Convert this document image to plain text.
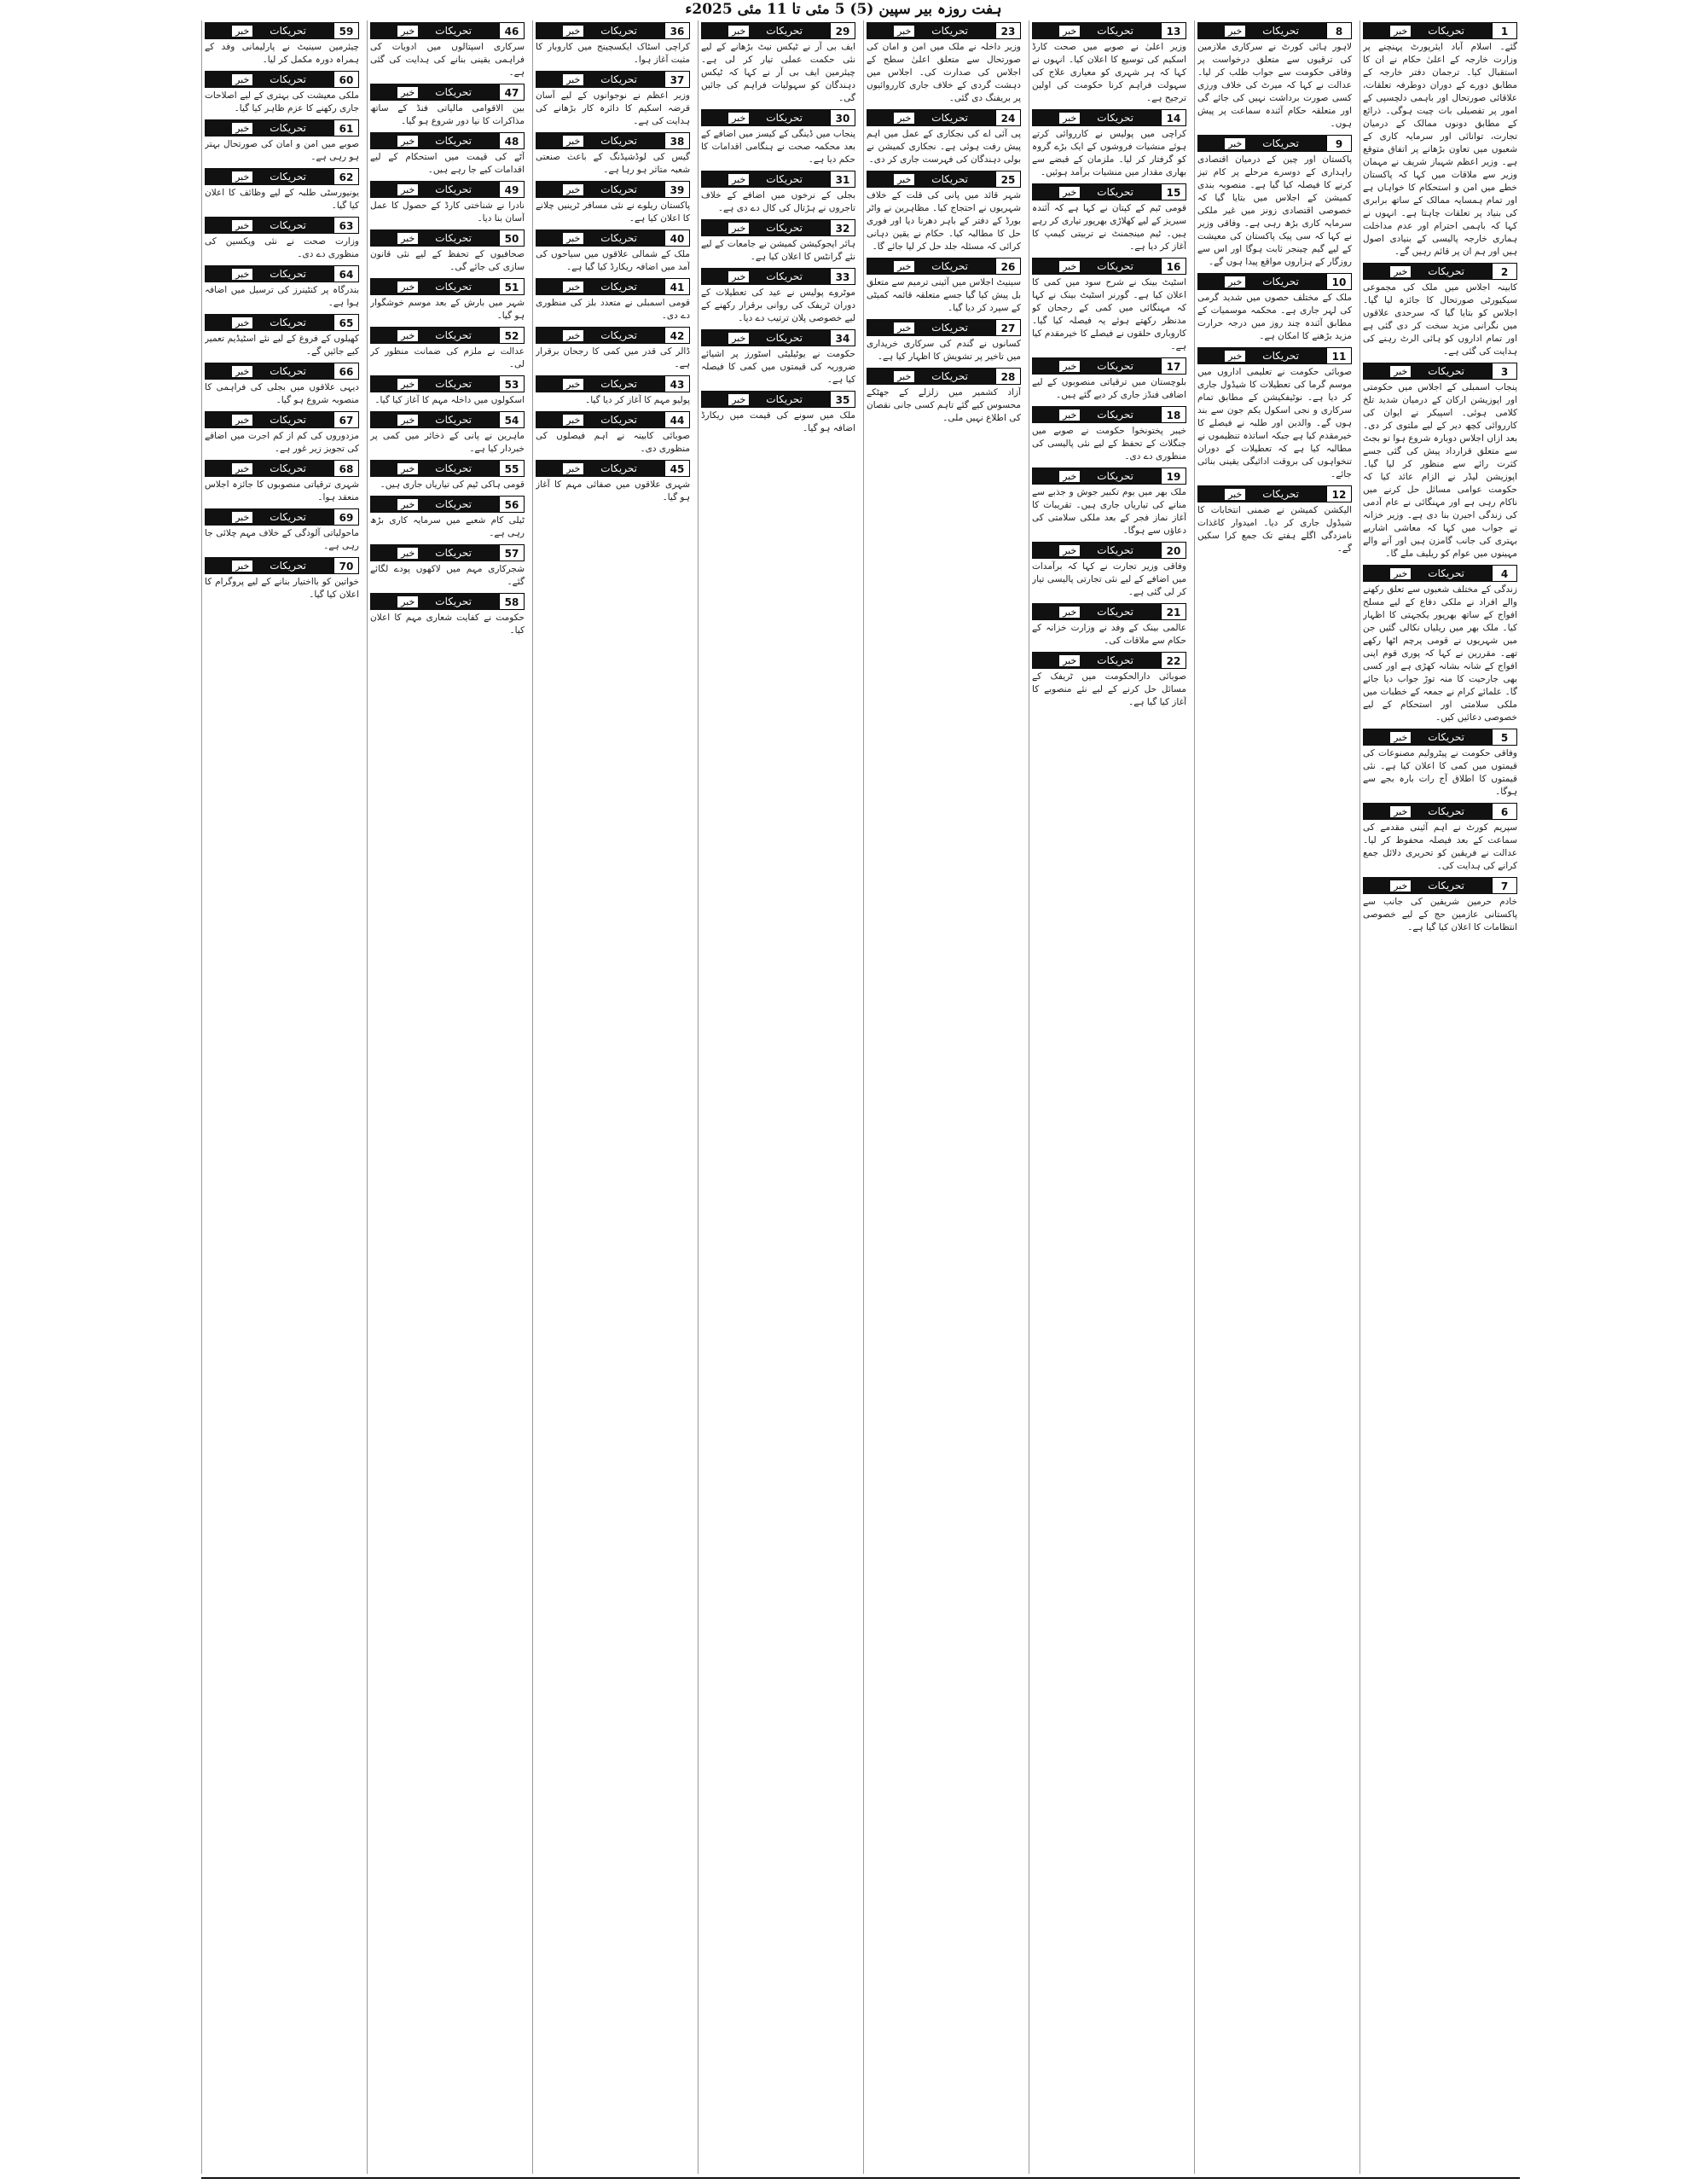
ہفت روزہ بیر سپین (5) 5 مئی تا 11 مئی 2025ء
تحریکات
خبر	1
گئے۔ اسلام آباد ایئرپورٹ پہنچنے پر وزارت خارجہ کے اعلیٰ حکام نے ان کا استقبال کیا۔ ترجمان دفتر خارجہ کے مطابق دورے کے دوران دوطرفہ تعلقات، علاقائی صورتحال اور باہمی دلچسپی کے امور پر تفصیلی بات چیت ہوگی۔ ذرائع کے مطابق دونوں ممالک کے درمیان تجارت، توانائی اور سرمایہ کاری کے شعبوں میں تعاون بڑھانے پر اتفاق متوقع ہے۔ وزیر اعظم شہباز شریف نے مہمان وزیر سے ملاقات میں کہا کہ پاکستان خطے میں امن و استحکام کا خواہاں ہے اور تمام ہمسایہ ممالک کے ساتھ برابری کی بنیاد پر تعلقات چاہتا ہے۔ انہوں نے کہا کہ باہمی احترام اور عدم مداخلت ہماری خارجہ پالیسی کے بنیادی اصول ہیں اور ہم ان پر قائم رہیں گے۔
تحریکات
خبر	2
کابینہ اجلاس میں ملک کی مجموعی سیکیورٹی صورتحال کا جائزہ لیا گیا۔ اجلاس کو بتایا گیا کہ سرحدی علاقوں میں نگرانی مزید سخت کر دی گئی ہے اور تمام اداروں کو ہائی الرٹ رہنے کی ہدایت کی گئی ہے۔
تحریکات
خبر	3
پنجاب اسمبلی کے اجلاس میں حکومتی اور اپوزیشن ارکان کے درمیان شدید تلخ کلامی ہوئی۔ اسپیکر نے ایوان کی کارروائی کچھ دیر کے لیے ملتوی کر دی۔ بعد ازاں اجلاس دوبارہ شروع ہوا تو بجٹ سے متعلق قرارداد پیش کی گئی جسے کثرت رائے سے منظور کر لیا گیا۔ اپوزیشن لیڈر نے الزام عائد کیا کہ حکومت عوامی مسائل حل کرنے میں ناکام رہی ہے اور مہنگائی نے عام آدمی کی زندگی اجیرن بنا دی ہے۔ وزیر خزانہ نے جواب میں کہا کہ معاشی اشاریے بہتری کی جانب گامزن ہیں اور آنے والے مہینوں میں عوام کو ریلیف ملے گا۔
تحریکات
خبر	4
زندگی کے مختلف شعبوں سے تعلق رکھنے والے افراد نے ملکی دفاع کے لیے مسلح افواج کے ساتھ بھرپور یکجہتی کا اظہار کیا۔ ملک بھر میں ریلیاں نکالی گئیں جن میں شہریوں نے قومی پرچم اٹھا رکھے تھے۔ مقررین نے کہا کہ پوری قوم اپنی افواج کے شانہ بشانہ کھڑی ہے اور کسی بھی جارحیت کا منہ توڑ جواب دیا جائے گا۔ علمائے کرام نے جمعہ کے خطبات میں ملکی سلامتی اور استحکام کے لیے خصوصی دعائیں کیں۔
تحریکات
خبر	5
وفاقی حکومت نے پیٹرولیم مصنوعات کی قیمتوں میں کمی کا اعلان کیا ہے۔ نئی قیمتوں کا اطلاق آج رات بارہ بجے سے ہوگا۔
تحریکات
خبر	6
سپریم کورٹ نے اہم آئینی مقدمے کی سماعت کے بعد فیصلہ محفوظ کر لیا۔ عدالت نے فریقین کو تحریری دلائل جمع کرانے کی ہدایت کی۔
تحریکات
خبر	7
خادم حرمین شریفین کی جانب سے پاکستانی عازمین حج کے لیے خصوصی انتظامات کا اعلان کیا گیا ہے۔
تحریکات
خبر	8
لاہور ہائی کورٹ نے سرکاری ملازمین کی ترقیوں سے متعلق درخواست پر وفاقی حکومت سے جواب طلب کر لیا۔ عدالت نے کہا کہ میرٹ کی خلاف ورزی کسی صورت برداشت نہیں کی جائے گی اور متعلقہ حکام آئندہ سماعت پر پیش ہوں۔
تحریکات
خبر	9
پاکستان اور چین کے درمیان اقتصادی راہداری کے دوسرے مرحلے پر کام تیز کرنے کا فیصلہ کیا گیا ہے۔ منصوبہ بندی کمیشن کے اجلاس میں بتایا گیا کہ خصوصی اقتصادی زونز میں غیر ملکی سرمایہ کاری بڑھ رہی ہے۔ وفاقی وزیر نے کہا کہ سی پیک پاکستان کی معیشت کے لیے گیم چینجر ثابت ہوگا اور اس سے روزگار کے ہزاروں مواقع پیدا ہوں گے۔
تحریکات
خبر	10
ملک کے مختلف حصوں میں شدید گرمی کی لہر جاری ہے۔ محکمہ موسمیات کے مطابق آئندہ چند روز میں درجہ حرارت مزید بڑھنے کا امکان ہے۔
تحریکات
خبر	11
صوبائی حکومت نے تعلیمی اداروں میں موسم گرما کی تعطیلات کا شیڈول جاری کر دیا ہے۔ نوٹیفکیشن کے مطابق تمام سرکاری و نجی اسکول یکم جون سے بند ہوں گے۔ والدین اور طلبہ نے فیصلے کا خیرمقدم کیا ہے جبکہ اساتذہ تنظیموں نے مطالبہ کیا ہے کہ تعطیلات کے دوران تنخواہوں کی بروقت ادائیگی یقینی بنائی جائے۔
تحریکات
خبر	12
الیکشن کمیشن نے ضمنی انتخابات کا شیڈول جاری کر دیا۔ امیدوار کاغذات نامزدگی اگلے ہفتے تک جمع کرا سکیں گے۔
تحریکات
خبر	13
وزیر اعلیٰ نے صوبے میں صحت کارڈ اسکیم کی توسیع کا اعلان کیا۔ انہوں نے کہا کہ ہر شہری کو معیاری علاج کی سہولت فراہم کرنا حکومت کی اولین ترجیح ہے۔
تحریکات
خبر	14
کراچی میں پولیس نے کارروائی کرتے ہوئے منشیات فروشوں کے ایک بڑے گروہ کو گرفتار کر لیا۔ ملزمان کے قبضے سے بھاری مقدار میں منشیات برآمد ہوئیں۔
تحریکات
خبر	15
قومی ٹیم کے کپتان نے کہا ہے کہ آئندہ سیریز کے لیے کھلاڑی بھرپور تیاری کر رہے ہیں۔ ٹیم مینجمنٹ نے تربیتی کیمپ کا آغاز کر دیا ہے۔
تحریکات
خبر	16
اسٹیٹ بینک نے شرح سود میں کمی کا اعلان کیا ہے۔ گورنر اسٹیٹ بینک نے کہا کہ مہنگائی میں کمی کے رجحان کو مدنظر رکھتے ہوئے یہ فیصلہ کیا گیا۔ کاروباری حلقوں نے فیصلے کا خیرمقدم کیا ہے۔
تحریکات
خبر	17
بلوچستان میں ترقیاتی منصوبوں کے لیے اضافی فنڈز جاری کر دیے گئے ہیں۔
تحریکات
خبر	18
خیبر پختونخوا حکومت نے صوبے میں جنگلات کے تحفظ کے لیے نئی پالیسی کی منظوری دے دی۔
تحریکات
خبر	19
ملک بھر میں یوم تکبیر جوش و جذبے سے منانے کی تیاریاں جاری ہیں۔ تقریبات کا آغاز نماز فجر کے بعد ملکی سلامتی کی دعاؤں سے ہوگا۔
تحریکات
خبر	20
وفاقی وزیر تجارت نے کہا کہ برآمدات میں اضافے کے لیے نئی تجارتی پالیسی تیار کر لی گئی ہے۔
تحریکات
خبر	21
عالمی بینک کے وفد نے وزارت خزانہ کے حکام سے ملاقات کی۔
تحریکات
خبر	22
صوبائی دارالحکومت میں ٹریفک کے مسائل حل کرنے کے لیے نئے منصوبے کا آغاز کیا گیا ہے۔
تحریکات
خبر	23
وزیر داخلہ نے ملک میں امن و امان کی صورتحال سے متعلق اعلیٰ سطح کے اجلاس کی صدارت کی۔ اجلاس میں دہشت گردی کے خلاف جاری کارروائیوں پر بریفنگ دی گئی۔
تحریکات
خبر	24
پی آئی اے کی نجکاری کے عمل میں اہم پیش رفت ہوئی ہے۔ نجکاری کمیشن نے بولی دہندگان کی فہرست جاری کر دی۔
تحریکات
خبر	25
شہر قائد میں پانی کی قلت کے خلاف شہریوں نے احتجاج کیا۔ مظاہرین نے واٹر بورڈ کے دفتر کے باہر دھرنا دیا اور فوری حل کا مطالبہ کیا۔ حکام نے یقین دہانی کرائی کہ مسئلہ جلد حل کر لیا جائے گا۔
تحریکات
خبر	26
سینیٹ اجلاس میں آئینی ترمیم سے متعلق بل پیش کیا گیا جسے متعلقہ قائمہ کمیٹی کے سپرد کر دیا گیا۔
تحریکات
خبر	27
کسانوں نے گندم کی سرکاری خریداری میں تاخیر پر تشویش کا اظہار کیا ہے۔
تحریکات
خبر	28
آزاد کشمیر میں زلزلے کے جھٹکے محسوس کیے گئے تاہم کسی جانی نقصان کی اطلاع نہیں ملی۔
تحریکات
خبر	29
ایف بی آر نے ٹیکس نیٹ بڑھانے کے لیے نئی حکمت عملی تیار کر لی ہے۔ چیئرمین ایف بی آر نے کہا کہ ٹیکس دہندگان کو سہولیات فراہم کی جائیں گی۔
تحریکات
خبر	30
پنجاب میں ڈینگی کے کیسز میں اضافے کے بعد محکمہ صحت نے ہنگامی اقدامات کا حکم دیا ہے۔
تحریکات
خبر	31
بجلی کے نرخوں میں اضافے کے خلاف تاجروں نے ہڑتال کی کال دے دی ہے۔
تحریکات
خبر	32
ہائر ایجوکیشن کمیشن نے جامعات کے لیے نئے گرانٹس کا اعلان کیا ہے۔
تحریکات
خبر	33
موٹروے پولیس نے عید کی تعطیلات کے دوران ٹریفک کی روانی برقرار رکھنے کے لیے خصوصی پلان ترتیب دے دیا۔
تحریکات
خبر	34
حکومت نے یوٹیلیٹی اسٹورز پر اشیائے ضروریہ کی قیمتوں میں کمی کا فیصلہ کیا ہے۔
تحریکات
خبر	35
ملک میں سونے کی قیمت میں ریکارڈ اضافہ ہو گیا۔
تحریکات
خبر	36
کراچی اسٹاک ایکسچینج میں کاروبار کا مثبت آغاز ہوا۔
تحریکات
خبر	37
وزیر اعظم نے نوجوانوں کے لیے آسان قرضہ اسکیم کا دائرہ کار بڑھانے کی ہدایت کی ہے۔
تحریکات
خبر	38
گیس کی لوڈشیڈنگ کے باعث صنعتی شعبہ متاثر ہو رہا ہے۔
تحریکات
خبر	39
پاکستان ریلوے نے نئی مسافر ٹرینیں چلانے کا اعلان کیا ہے۔
تحریکات
خبر	40
ملک کے شمالی علاقوں میں سیاحوں کی آمد میں اضافہ ریکارڈ کیا گیا ہے۔
تحریکات
خبر	41
قومی اسمبلی نے متعدد بلز کی منظوری دے دی۔
تحریکات
خبر	42
ڈالر کی قدر میں کمی کا رجحان برقرار ہے۔
تحریکات
خبر	43
پولیو مہم کا آغاز کر دیا گیا۔
تحریکات
خبر	44
صوبائی کابینہ نے اہم فیصلوں کی منظوری دی۔
تحریکات
خبر	45
شہری علاقوں میں صفائی مہم کا آغاز ہو گیا۔
تحریکات
خبر	46
سرکاری اسپتالوں میں ادویات کی فراہمی یقینی بنانے کی ہدایت کی گئی ہے۔
تحریکات
خبر	47
بین الاقوامی مالیاتی فنڈ کے ساتھ مذاکرات کا نیا دور شروع ہو گیا۔
تحریکات
خبر	48
آٹے کی قیمت میں استحکام کے لیے اقدامات کیے جا رہے ہیں۔
تحریکات
خبر	49
نادرا نے شناختی کارڈ کے حصول کا عمل آسان بنا دیا۔
تحریکات
خبر	50
صحافیوں کے تحفظ کے لیے نئی قانون سازی کی جائے گی۔
تحریکات
خبر	51
شہر میں بارش کے بعد موسم خوشگوار ہو گیا۔
تحریکات
خبر	52
عدالت نے ملزم کی ضمانت منظور کر لی۔
تحریکات
خبر	53
اسکولوں میں داخلہ مہم کا آغاز کیا گیا۔
تحریکات
خبر	54
ماہرین نے پانی کے ذخائر میں کمی پر خبردار کیا ہے۔
تحریکات
خبر	55
قومی ہاکی ٹیم کی تیاریاں جاری ہیں۔
تحریکات
خبر	56
ٹیلی کام شعبے میں سرمایہ کاری بڑھ رہی ہے۔
تحریکات
خبر	57
شجرکاری مہم میں لاکھوں پودے لگائے گئے۔
تحریکات
خبر	58
حکومت نے کفایت شعاری مہم کا اعلان کیا۔
تحریکات
خبر	59
چیئرمین سینیٹ نے پارلیمانی وفد کے ہمراہ دورہ مکمل کر لیا۔
تحریکات
خبر	60
ملکی معیشت کی بہتری کے لیے اصلاحات جاری رکھنے کا عزم ظاہر کیا گیا۔
تحریکات
خبر	61
صوبے میں امن و امان کی صورتحال بہتر ہو رہی ہے۔
تحریکات
خبر	62
یونیورسٹی طلبہ کے لیے وظائف کا اعلان کیا گیا۔
تحریکات
خبر	63
وزارت صحت نے نئی ویکسین کی منظوری دے دی۔
تحریکات
خبر	64
بندرگاہ پر کنٹینرز کی ترسیل میں اضافہ ہوا ہے۔
تحریکات
خبر	65
کھیلوں کے فروغ کے لیے نئے اسٹیڈیم تعمیر کیے جائیں گے۔
تحریکات
خبر	66
دیہی علاقوں میں بجلی کی فراہمی کا منصوبہ شروع ہو گیا۔
تحریکات
خبر	67
مزدوروں کی کم از کم اجرت میں اضافے کی تجویز زیر غور ہے۔
تحریکات
خبر	68
شہری ترقیاتی منصوبوں کا جائزہ اجلاس منعقد ہوا۔
تحریکات
خبر	69
ماحولیاتی آلودگی کے خلاف مہم چلائی جا رہی ہے۔
تحریکات
خبر	70
خواتین کو بااختیار بنانے کے لیے پروگرام کا اعلان کیا گیا۔
